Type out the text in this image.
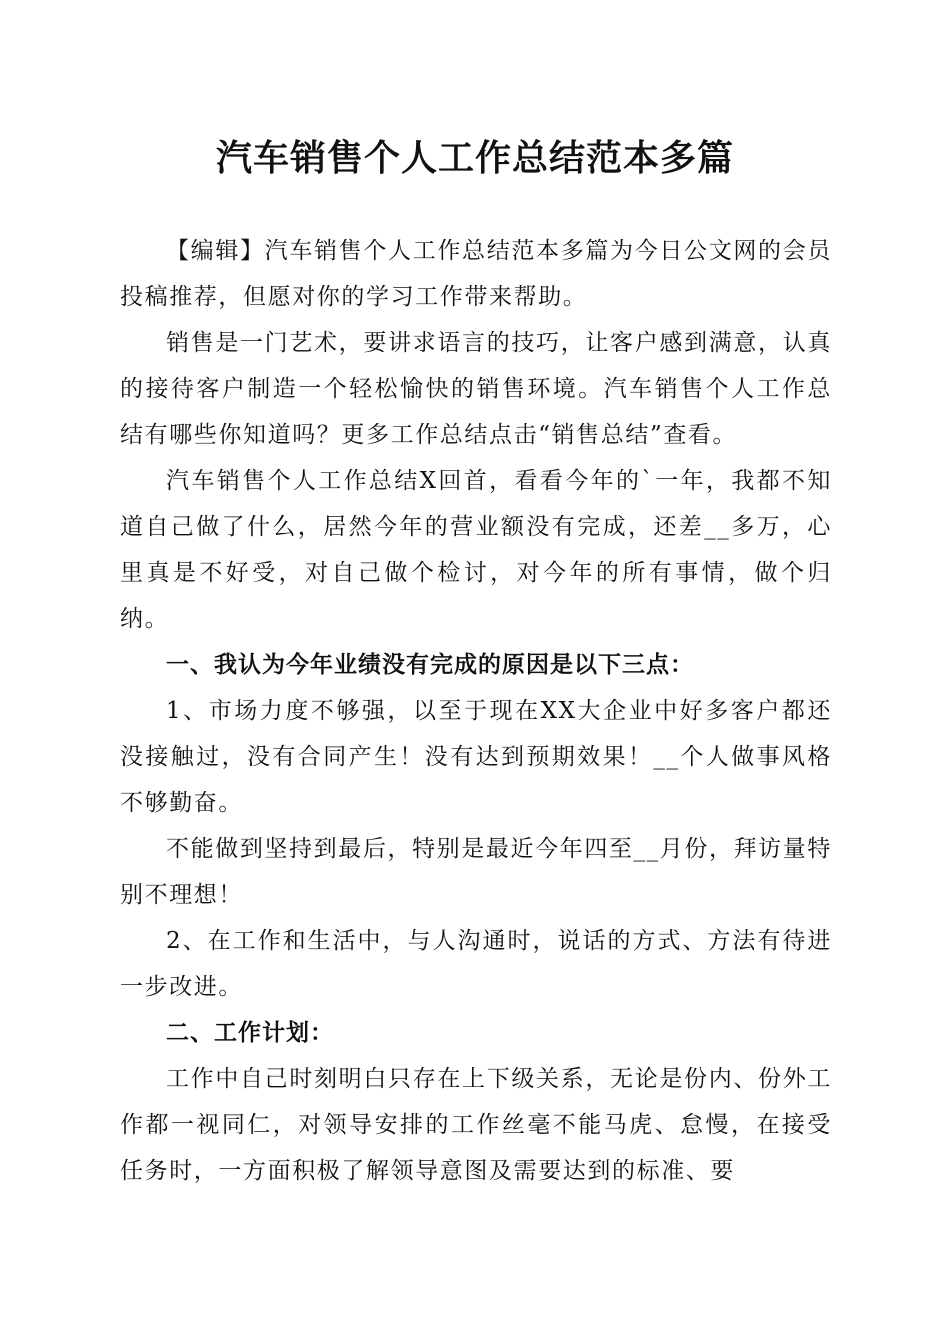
汽车销售个人工作总结范本多篇

【编辑】汽车销售个人工作总结范本多篇为今日公文网的会员投稿推荐，但愿对你的学习工作带来帮助。

销售是一门艺术，要讲求语言的技巧，让客户感到满意，认真的接待客户制造一个轻松愉快的销售环境。汽车销售个人工作总结有哪些你知道吗？更多工作总结点击“销售总结”查看。

汽车销售个人工作总结X回首，看看今年的`一年，我都不知道自己做了什么，居然今年的营业额没有完成，还差__多万，心里真是不好受，对自己做个检讨，对今年的所有事情，做个归纳。

一、我认为今年业绩没有完成的原因是以下三点：

1、市场力度不够强，以至于现在XX大企业中好多客户都还没接触过，没有合同产生！没有达到预期效果！__个人做事风格不够勤奋。

不能做到坚持到最后，特别是最近今年四至__月份，拜访量特别不理想！

2、在工作和生活中，与人沟通时，说话的方式、方法有待进一步改进。

二、工作计划：

工作中自己时刻明白只存在上下级关系，无论是份内、份外工作都一视同仁，对领导安排的工作丝毫不能马虎、怠慢，在接受任务时，一方面积极了解领导意图及需要达到的标准、要
